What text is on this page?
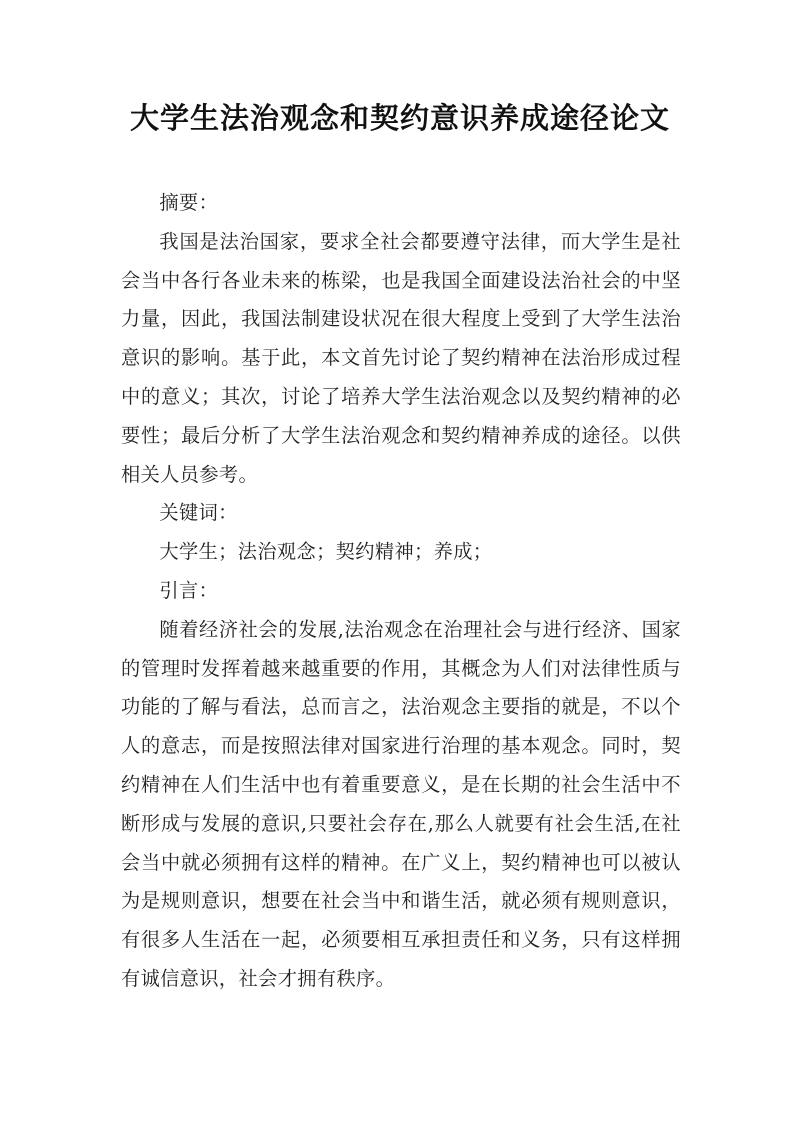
大学生法治观念和契约意识养成途径论文

摘要：

我国是法治国家，要求全社会都要遵守法律，而大学生是社会当中各行各业未来的栋梁，也是我国全面建设法治社会的中坚力量，因此，我国法制建设状况在很大程度上受到了大学生法治意识的影响。基于此，本文首先讨论了契约精神在法治形成过程中的意义；其次，讨论了培养大学生法治观念以及契约精神的必要性；最后分析了大学生法治观念和契约精神养成的途径。以供相关人员参考。

关键词：

大学生；法治观念；契约精神；养成；

引言：

随着经济社会的发展,法治观念在治理社会与进行经济、国家的管理时发挥着越来越重要的作用，其概念为人们对法律性质与功能的了解与看法，总而言之，法治观念主要指的就是，不以个人的意志，而是按照法律对国家进行治理的基本观念。同时，契约精神在人们生活中也有着重要意义，是在长期的社会生活中不断形成与发展的意识,只要社会存在,那么人就要有社会生活,在社会当中就必须拥有这样的精神。在广义上，契约精神也可以被认为是规则意识，想要在社会当中和谐生活，就必须有规则意识，有很多人生活在一起，必须要相互承担责任和义务，只有这样拥有诚信意识，社会才拥有秩序。
